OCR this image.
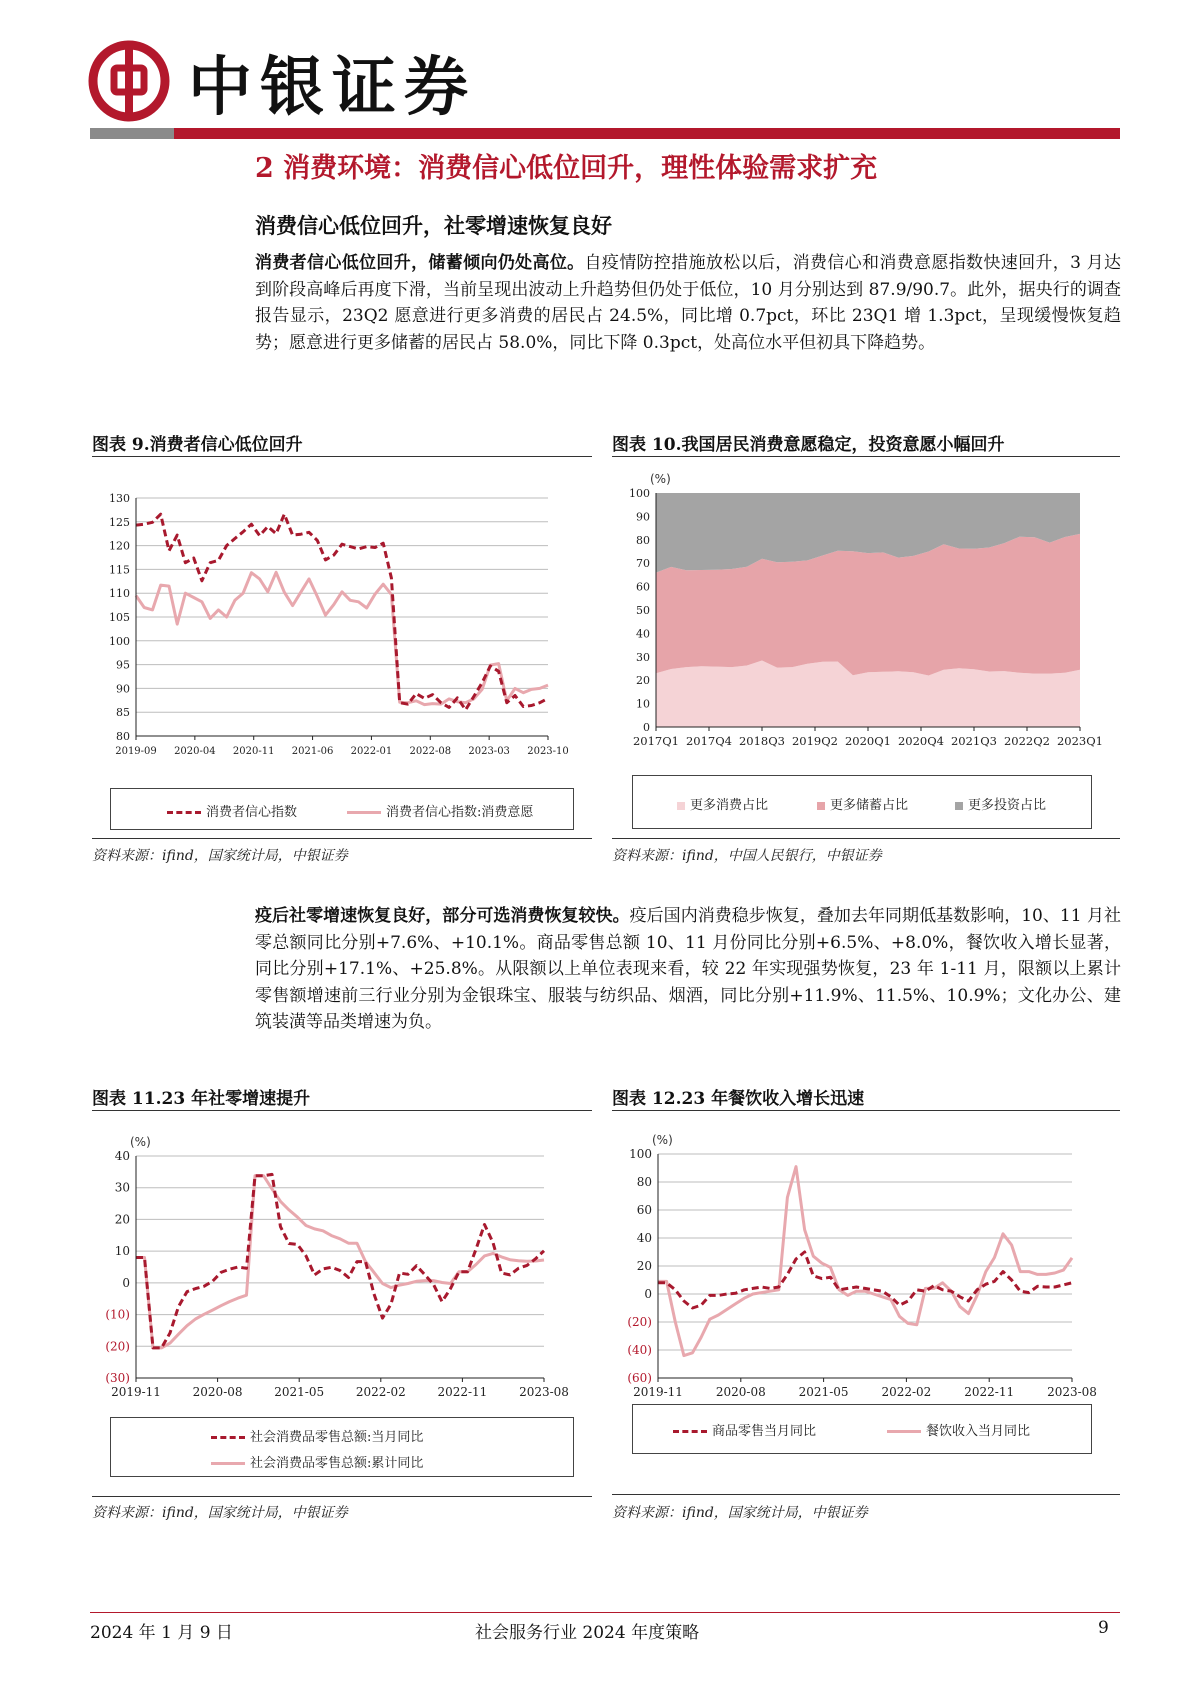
中银证券
2 消费环境：消费信心低位回升，理性体验需求扩充
消费信心低位回升，社零增速恢复良好
消费者信心低位回升，储蓄倾向仍处高位。自疫情防控措施放松以后，消费信心和消费意愿指数快速回升，3 月达到阶段高峰后再度下滑，当前呈现出波动上升趋势但仍处于低位，10 月分别达到 87.9/90.7。此外，据央行的调查报告显示，23Q2 愿意进行更多消费的居民占 24.5%，同比增 0.7pct，环比 23Q1 增 1.3pct，呈现缓慢恢复趋势；愿意进行更多储蓄的居民占 58.0%，同比下降 0.3pct，处高位水平但初具下降趋势。
图表 9.消费者信心低位回升
130
125
120
115
110
105
100
95
90
85
80
2019-09 2020-04 2020-11 2021-06 2022-01 2022-08 2023-03 2023-10
消费者信心指数	消费者信心指数:消费意愿
资料来源：ifind，国家统计局，中银证券
图表 10.我国居民消费意愿稳定，投资意愿小幅回升
(%)
100
90
80
70
60
50
40
30
20
10
0
2017Q1 2017Q4 2018Q3 2019Q2 2020Q1 2020Q4 2021Q3 2022Q2 2023Q1
更多消费占比	更多储蓄占比	更多投资占比
资料来源：ifind，中国人民银行，中银证券
疫后社零增速恢复良好，部分可选消费恢复较快。疫后国内消费稳步恢复，叠加去年同期低基数影响，10、11 月社零总额同比分别+7.6%、+10.1%。商品零售总额 10、11 月份同比分别+6.5%、+8.0%，餐饮收入增长显著，同比分别+17.1%、+25.8%。从限额以上单位表现来看，较 22 年实现强势恢复，23 年 1-11 月，限额以上累计零售额增速前三行业分别为金银珠宝、服装与纺织品、烟酒，同比分别+11.9%、11.5%、10.9%；文化办公、建筑装潢等品类增速为负。
图表 11.23 年社零增速提升
(%)
40
30
20
10
0
(10)
(20)
(30)
2019-11	2020-08	2021-05	2022-02	2022-11	2023-08
社会消费品零售总额:当月同比
社会消费品零售总额:累计同比
资料来源：ifind，国家统计局，中银证券
图表 12.23 年餐饮收入增长迅速
(%)
100
80
60
40
20
0
(20)
(40)
(60)
2019-11	2020-08	2021-05	2022-02	2022-11	2023-08
商品零售当月同比	餐饮收入当月同比
资料来源：ifind，国家统计局，中银证券
2024 年 1 月 9 日	社会服务行业 2024 年度策略	9
